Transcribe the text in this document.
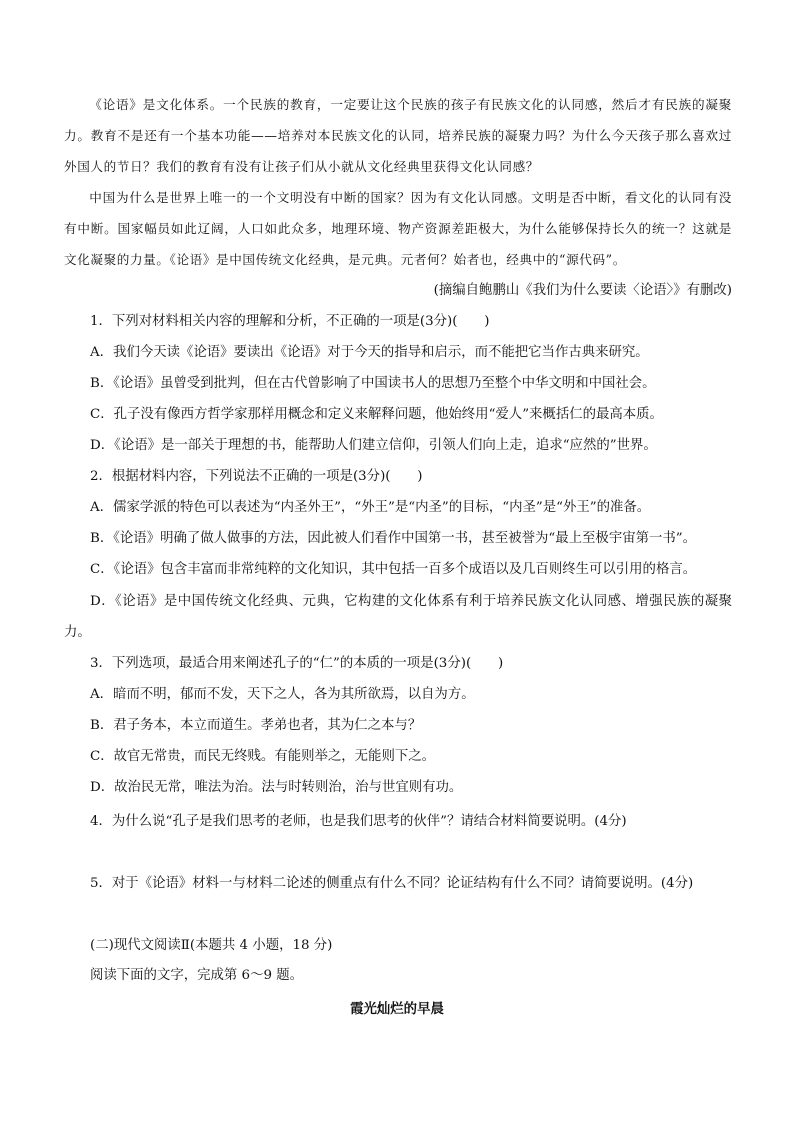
《论语》是文化体系。一个民族的教育，一定要让这个民族的孩子有民族文化的认同感，然后才有民族的凝聚力。教育不是还有一个基本功能——培养对本民族文化的认同，培养民族的凝聚力吗？为什么今天孩子那么喜欢过外国人的节日？我们的教育有没有让孩子们从小就从文化经典里获得文化认同感？

中国为什么是世界上唯一的一个文明没有中断的国家？因为有文化认同感。文明是否中断，看文化的认同有没有中断。国家幅员如此辽阔，人口如此众多，地理环境、物产资源差距极大，为什么能够保持长久的统一？这就是文化凝聚的力量。《论语》是中国传统文化经典，是元典。元者何？始者也，经典中的“源代码”。

(摘编自鲍鹏山《我们为什么要读〈论语〉》有删改)
1．下列对材料相关内容的理解和分析，不正确的一项是(3分)(　　)
A．我们今天读《论语》要读出《论语》对于今天的指导和启示，而不能把它当作古典来研究。
B．《论语》虽曾受到批判，但在古代曾影响了中国读书人的思想乃至整个中华文明和中国社会。
C．孔子没有像西方哲学家那样用概念和定义来解释问题，他始终用“爱人”来概括仁的最高本质。
D．《论语》是一部关于理想的书，能帮助人们建立信仰，引领人们向上走，追求“应然的”世界。
2．根据材料内容，下列说法不正确的一项是(3分)(　　)
A．儒家学派的特色可以表述为“内圣外王”，“外王”是“内圣”的目标，“内圣”是“外王”的准备。
B．《论语》明确了做人做事的方法，因此被人们看作中国第一书，甚至被誉为“最上至极宇宙第一书”。
C．《论语》包含丰富而非常纯粹的文化知识，其中包括一百多个成语以及几百则终生可以引用的格言。

D．《论语》是中国传统文化经典、元典，它构建的文化体系有利于培养民族文化认同感、增强民族的凝聚力。

3．下列选项，最适合用来阐述孔子的“仁”的本质的一项是(3分)(　　)
A．暗而不明，郁而不发，天下之人，各为其所欲焉，以自为方。
B．君子务本，本立而道生。孝弟也者，其为仁之本与？
C．故官无常贵，而民无终贱。有能则举之，无能则下之。
D．故治民无常，唯法为治。法与时转则治，治与世宜则有功。
4．为什么说“孔子是我们思考的老师，也是我们思考的伙伴”？请结合材料简要说明。(4分)
5．对于《论语》材料一与材料二论述的侧重点有什么不同？论证结构有什么不同？请简要说明。(4分)
(二)现代文阅读Ⅱ(本题共 4 小题，18 分)
阅读下面的文字，完成第 6～9 题。
霞光灿烂的早晨
